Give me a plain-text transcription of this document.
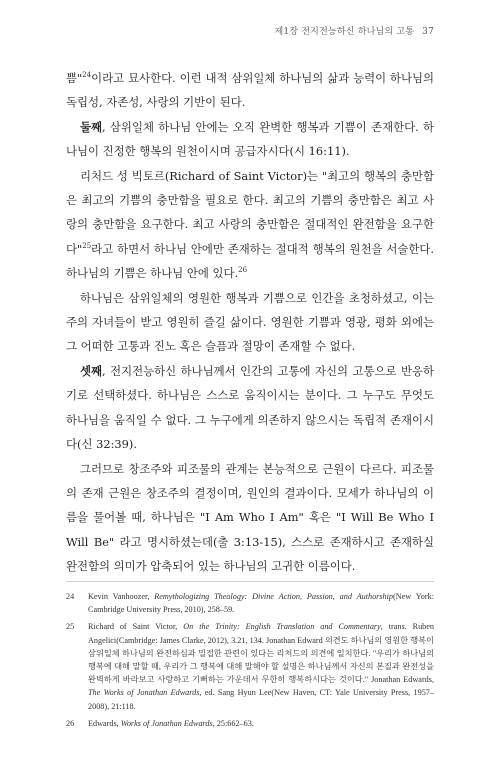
제1장 전지전능하신 하나님의 고통 37

쁨"$^{24}$이라고 묘사한다. 이런 내적 삼위일체 하나님의 삶과 능력이 하나님의 독립성, 자존성, 사랑의 기반이 된다.

둘째, 삼위일체 하나님 안에는 오직 완벽한 행복과 기쁨이 존재한다. 하나님이 진정한 행복의 원천이시며 공급자시다(시 16:11).

리처드 성 빅토르(Richard of Saint Victor)는 "최고의 행복의 충만함은 최고의 기쁨의 충만함을 필요로 한다. 최고의 기쁨의 충만함은 최고 사랑의 충만함을 요구한다. 최고 사랑의 충만함은 절대적인 완전함을 요구한다"$^{25}$라고 하면서 하나님 안에만 존재하는 절대적 행복의 원천을 서술한다. 하나님의 기쁨은 하나님 안에 있다.$^{26}$

하나님은 삼위일체의 영원한 행복과 기쁨으로 인간을 초청하셨고, 이는 주의 자녀들이 받고 영원히 즐길 삶이다. 영원한 기쁨과 영광, 평화 외에는 그 어떠한 고통과 진노 혹은 슬픔과 절망이 존재할 수 없다.

셋째, 전지전능하신 하나님께서 인간의 고통에 자신의 고통으로 반응하기로 선택하셨다. 하나님은 스스로 움직이시는 분이다. 그 누구도 무엇도 하나님을 움직일 수 없다. 그 누구에게 의존하지 않으시는 독립적 존재이시다(신 32:39).

그러므로 창조주와 피조물의 관계는 본능적으로 근원이 다르다. 피조물의 존재 근원은 창조주의 결정이며, 원인의 결과이다. 모세가 하나님의 이름을 물어볼 때, 하나님은 "I Am Who I Am" 혹은 "I Will Be Who I Will Be" 라고 명시하셨는데(출 3:13-15), 스스로 존재하시고 존재하실 완전함의 의미가 압축되어 있는 하나님의 고귀한 이름이다.

24	Kevin Vanhoozer, Remythologizing Theology: Divine Action, Passion, and Authorship(New York: Cambridge University Press, 2010), 258–59.
25	Richard of Saint Victor, On the Trinity: English Translation and Commentary, trans. Ruben Angelici(Cambridge: James Clarke, 2012), 3.21, 134. Jonathan Edward 의견도 하나님의 영원한 행복이 삼위일체 하나님의 완전하심과 밀접한 관련이 있다는 리처드의 의견에 일치한다. "우리가 하나님의 행복에 대해 말할 때, 우리가 그 행복에 대해 말해야 할 설명은 하나님께서 자신의 본질과 완전성을 완벽하게 바라보고 사랑하고 기뻐하는 가운데서 무한히 행복하시다는 것이다." Jonathan Edwards, The Works of Jonathan Edwards, ed. Sang Hyun Lee(New Haven, CT: Yale University Press, 1957–2008), 21:118.
26	Edwards, Works of Jonathan Edwards, 25:662–63.
